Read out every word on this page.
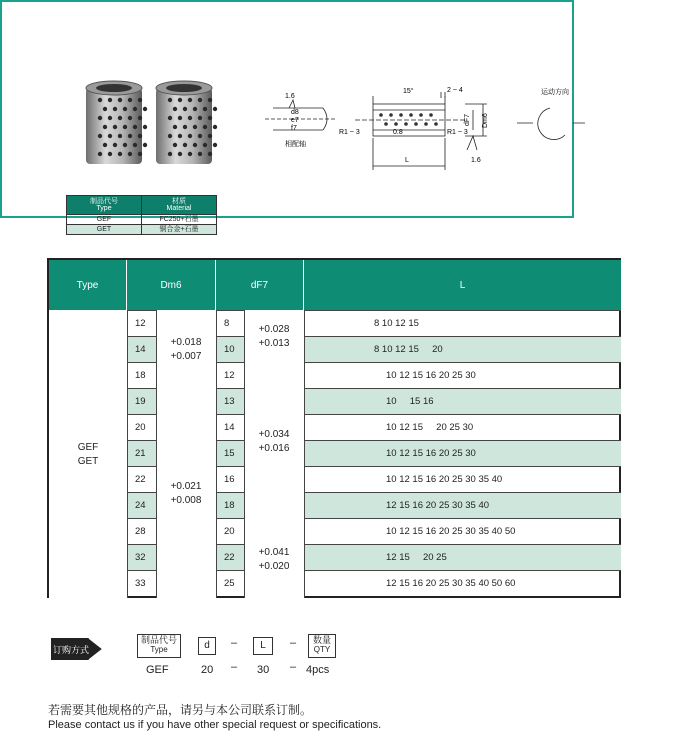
制品代号
Type	材质
Material
GEF	FC250+石墨
GET	铜合金+石墨
1.6
d8
e7
f7
相配轴
R1 ~ 3
15°	2 ~ 4
0.8	R1 ~ 3
dF7 Dm6
L	1.6
运动方向
Type	Dm6	dF7	L
12	8	8 10 12 15
14	10	8 10 12 15     20
18	12	10 12 15 16 20 25 30
19	13	10     15 16
20	14	10 12 15     20 25 30
21	15	10 12 15 16 20 25 30
22	16	10 12 15 16 20 25 30 35 40
24	18	12 15 16 20 25 30 35 40
28	20	10 12 15 16 20 25 30 35 40 50
32	22	12 15     20 25
33	25	12 15 16 20 25 30 35 40 50 60
GEF
GET
+0.018
+0.007
+0.021
+0.008
+0.028
+0.013
+0.034
+0.016
+0.041
+0.020
订购方式
制品代号
Type	d	–	L	–	数量
QTY
GEF	20 – 30 – 4pcs
若需要其他规格的产品，请另与本公司联系订制。
Please contact us if you have other special request or specifications.
